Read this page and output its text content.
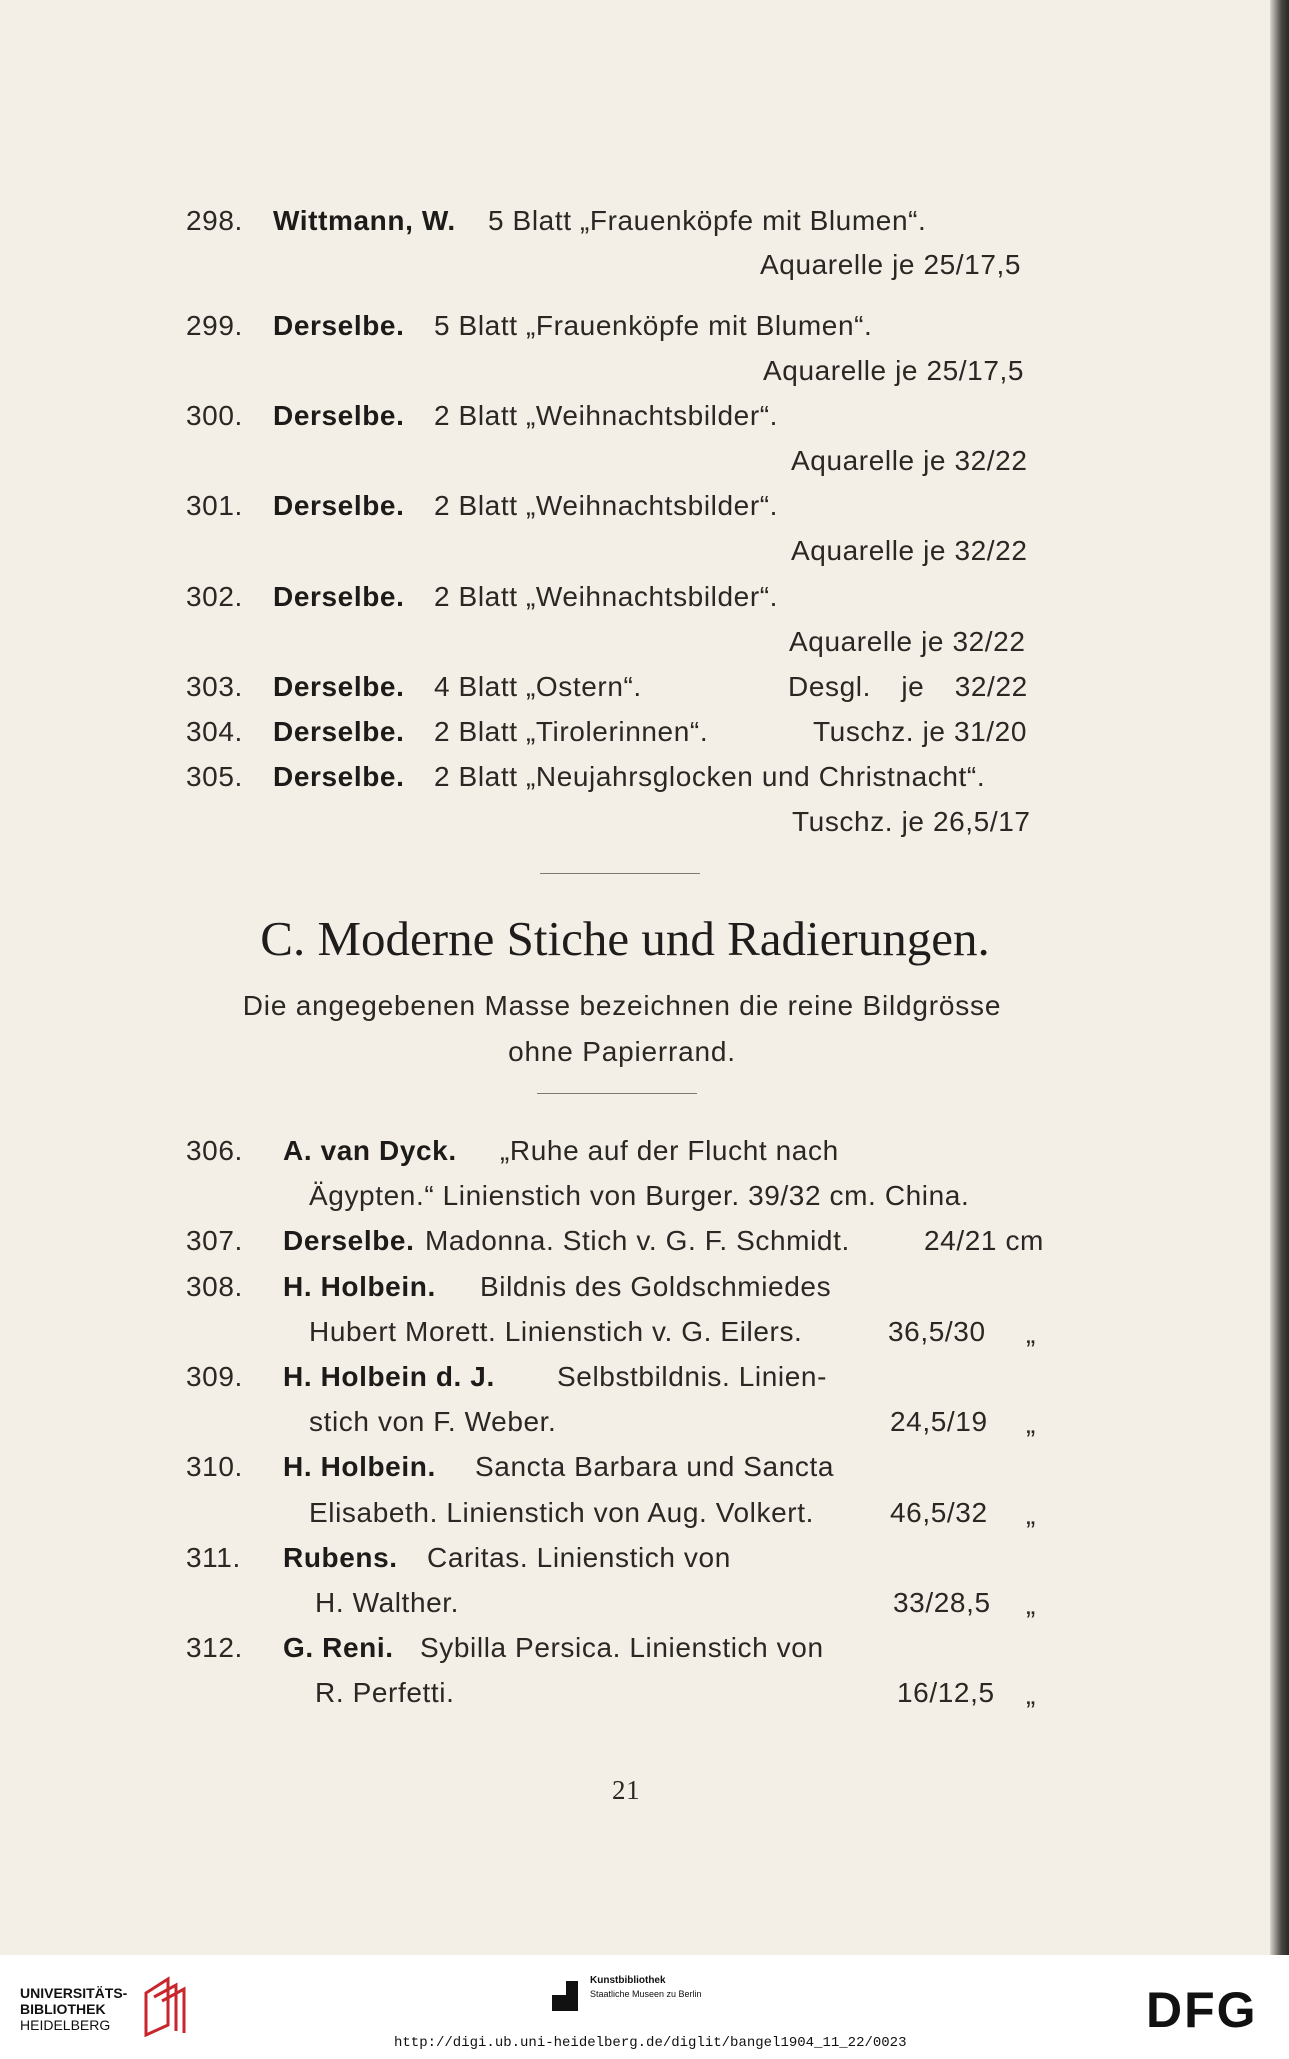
298. Wittmann, W. 5 Blatt „Frauenköpfe mit Blumen“.
Aquarelle je 25/17,5
299. Derselbe. 5 Blatt „Frauenköpfe mit Blumen“.
Aquarelle je 25/17,5
300. Derselbe. 2 Blatt „Weihnachtsbilder“.
Aquarelle je 32/22
301. Derselbe. 2 Blatt „Weihnachtsbilder“.
Aquarelle je 32/22
302. Derselbe. 2 Blatt „Weihnachtsbilder“.
Aquarelle je 32/22
303. Derselbe. 4 Blatt „Ostern“.	Desgl. je 32/22
304. Derselbe. 2 Blatt „Tirolerinnen“.	Tuschz. je 31/20
305. Derselbe. 2 Blatt „Neujahrsglocken und Christnacht“.
Tuschz. je 26,5/17
C. Moderne Stiche und Radierungen.
Die angegebenen Masse bezeichnen die reine Bildgrösse
ohne Papierrand.
306. A. van Dyck. „Ruhe auf der Flucht nach
Ägypten.“ Linienstich von Burger. 39/32 cm. China.
307. Derselbe. Madonna. Stich v. G. F. Schmidt.	24/21 cm
308. H. Holbein. Bildnis des Goldschmiedes
Hubert Morett. Linienstich v. G. Eilers.	36,5/30 „
309. H. Holbein d. J. Selbstbildnis. Linien-
stich von F. Weber.	24,5/19 „
310. H. Holbein. Sancta Barbara und Sancta
Elisabeth. Linienstich von Aug. Volkert.	46,5/32 „
311. Rubens. Caritas. Linienstich von
H. Walther.	33/28,5 „
312. G. Reni. Sybilla Persica. Linienstich von
R. Perfetti.	16/12,5 „
21
UNIVERSITÄTS-
BIBLIOTHEK
HEIDELBERG
Kunstbibliothek
Staatliche Museen zu Berlin	DFG
http://digi.ub.uni-heidelberg.de/diglit/bangel1904_11_22/0023
